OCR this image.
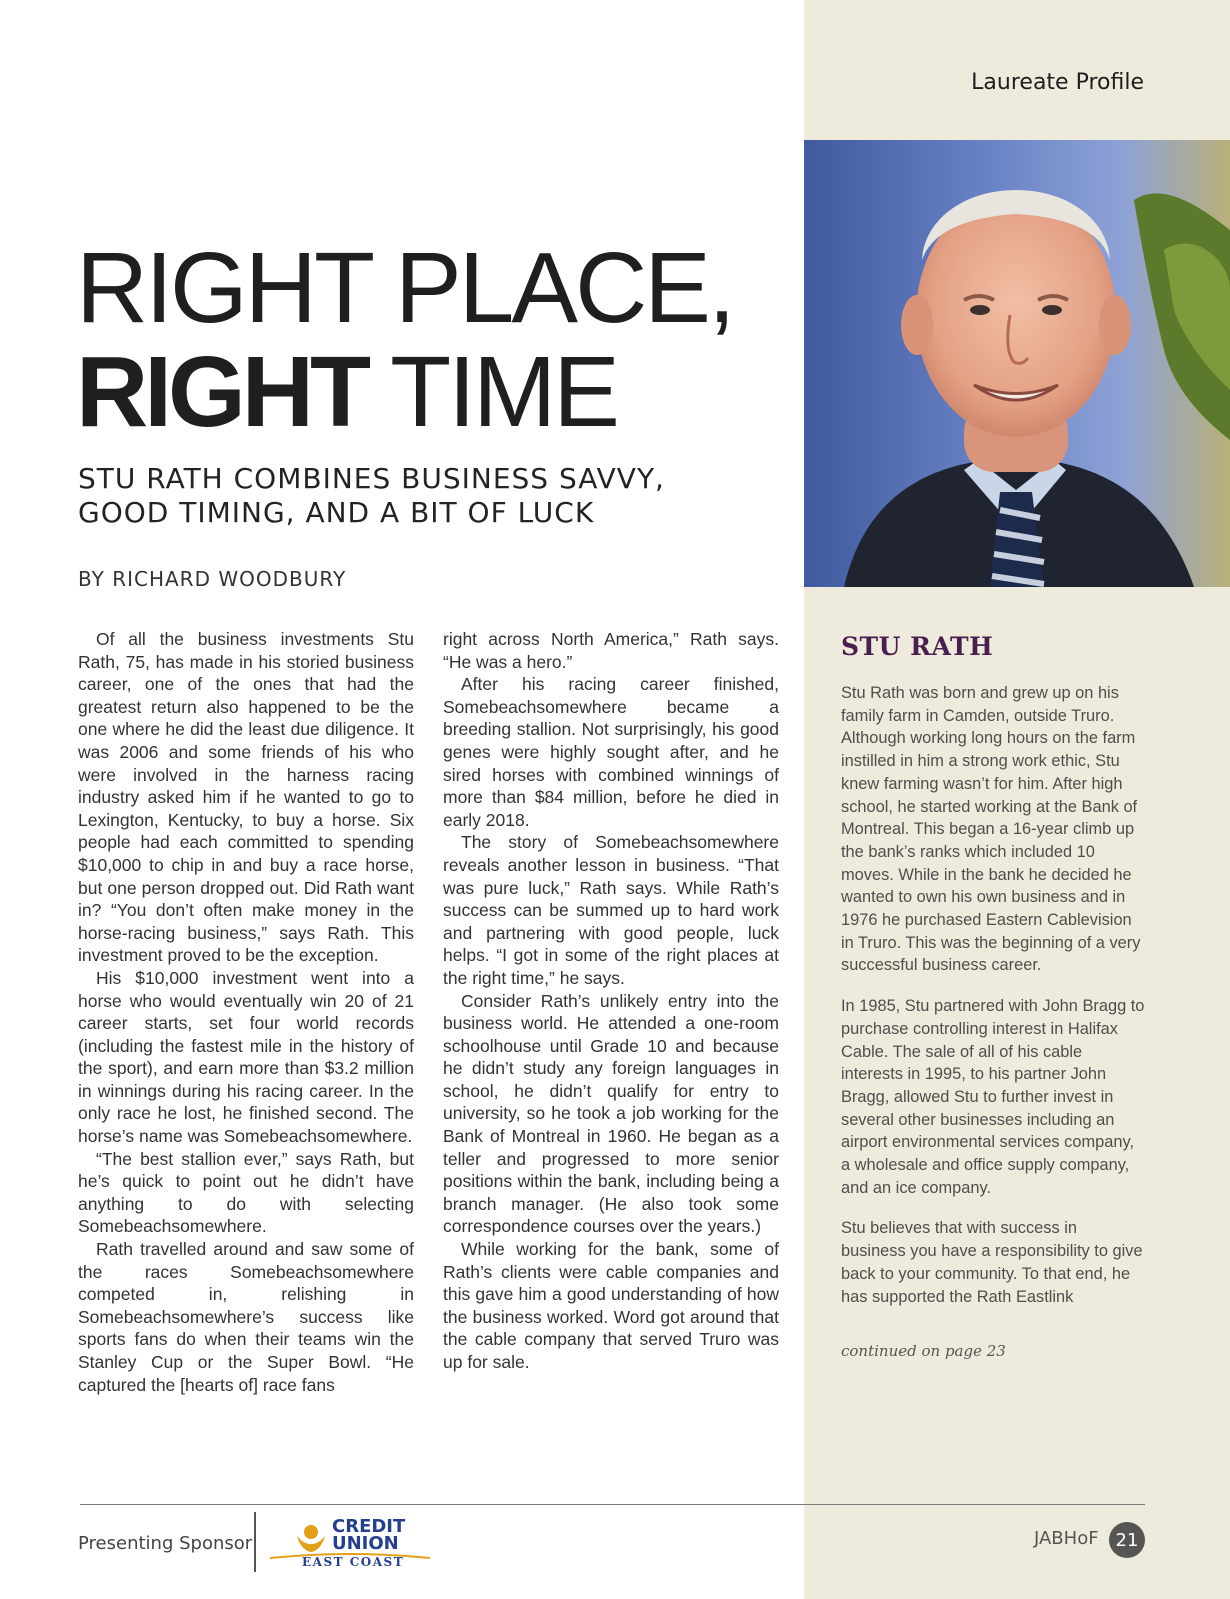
Laureate Profile
RIGHT PLACE,
RIGHT TIME
STU RATH COMBINES BUSINESS SAVVY, GOOD TIMING, AND A BIT OF LUCK
BY RICHARD WOODBURY

Of all the business investments Stu Rath, 75, has made in his storied business career, one of the ones that had the greatest return also happened to be the one where he did the least due diligence. It was 2006 and some friends of his who were involved in the harness racing industry asked him if he wanted to go to Lexington, Kentucky, to buy a horse. Six people had each committed to spending $10,000 to chip in and buy a race horse, but one person dropped out. Did Rath want in? “You don’t often make money in the horse-racing business,” says Rath. This investment proved to be the exception.

His $10,000 investment went into a horse who would eventually win 20 of 21 career starts, set four world records (including the fastest mile in the history of the sport), and earn more than $3.2 million in winnings during his racing career. In the only race he lost, he finished second. The horse’s name was Somebeachsomewhere.

“The best stallion ever,” says Rath, but he’s quick to point out he didn’t have anything to do with selecting Somebeachsomewhere.

Rath travelled around and saw some of the races Somebeachsomewhere competed in, relishing in Somebeachsomewhere’s success like sports fans do when their teams win the Stanley Cup or the Super Bowl. “He captured the [hearts of] race fans

right across North America,” Rath says. “He was a hero.”

After his racing career finished, Somebeachsomewhere became a breeding stallion. Not surprisingly, his good genes were highly sought after, and he sired horses with combined winnings of more than $84 million, before he died in early 2018.

The story of Somebeachsomewhere reveals another lesson in business. “That was pure luck,” Rath says. While Rath’s success can be summed up to hard work and partnering with good people, luck helps. “I got in some of the right places at the right time,” he says.

Consider Rath’s unlikely entry into the business world. He attended a one-room schoolhouse until Grade 10 and because he didn’t study any foreign languages in school, he didn’t qualify for entry to university, so he took a job working for the Bank of Montreal in 1960. He began as a teller and progressed to more senior positions within the bank, including being a branch manager. (He also took some correspondence courses over the years.)

While working for the bank, some of Rath’s clients were cable companies and this gave him a good understanding of how the business worked. Word got around that the cable company that served Truro was up for sale.

STU RATH

Stu Rath was born and grew up on his family farm in Camden, outside Truro. Although working long hours on the farm instilled in him a strong work ethic, Stu knew farming wasn’t for him. After high school, he started working at the Bank of Montreal. This began a 16-year climb up the bank’s ranks which included 10 moves. While in the bank he decided he wanted to own his own business and in 1976 he purchased Eastern Cablevision in Truro. This was the beginning of a very successful business career.

In 1985, Stu partnered with John Bragg to purchase controlling interest in Halifax Cable. The sale of all of his cable interests in 1995, to his partner John Bragg, allowed Stu to further invest in several other businesses including an airport environmental services company, a wholesale and office supply company, and an ice company.

Stu believes that with success in business you have a responsibility to give back to your community. To that end, he has supported the Rath Eastlink

continued on page 23
Presenting Sponsor
CREDIT
UNION
EAST COAST
JABHoF 21
